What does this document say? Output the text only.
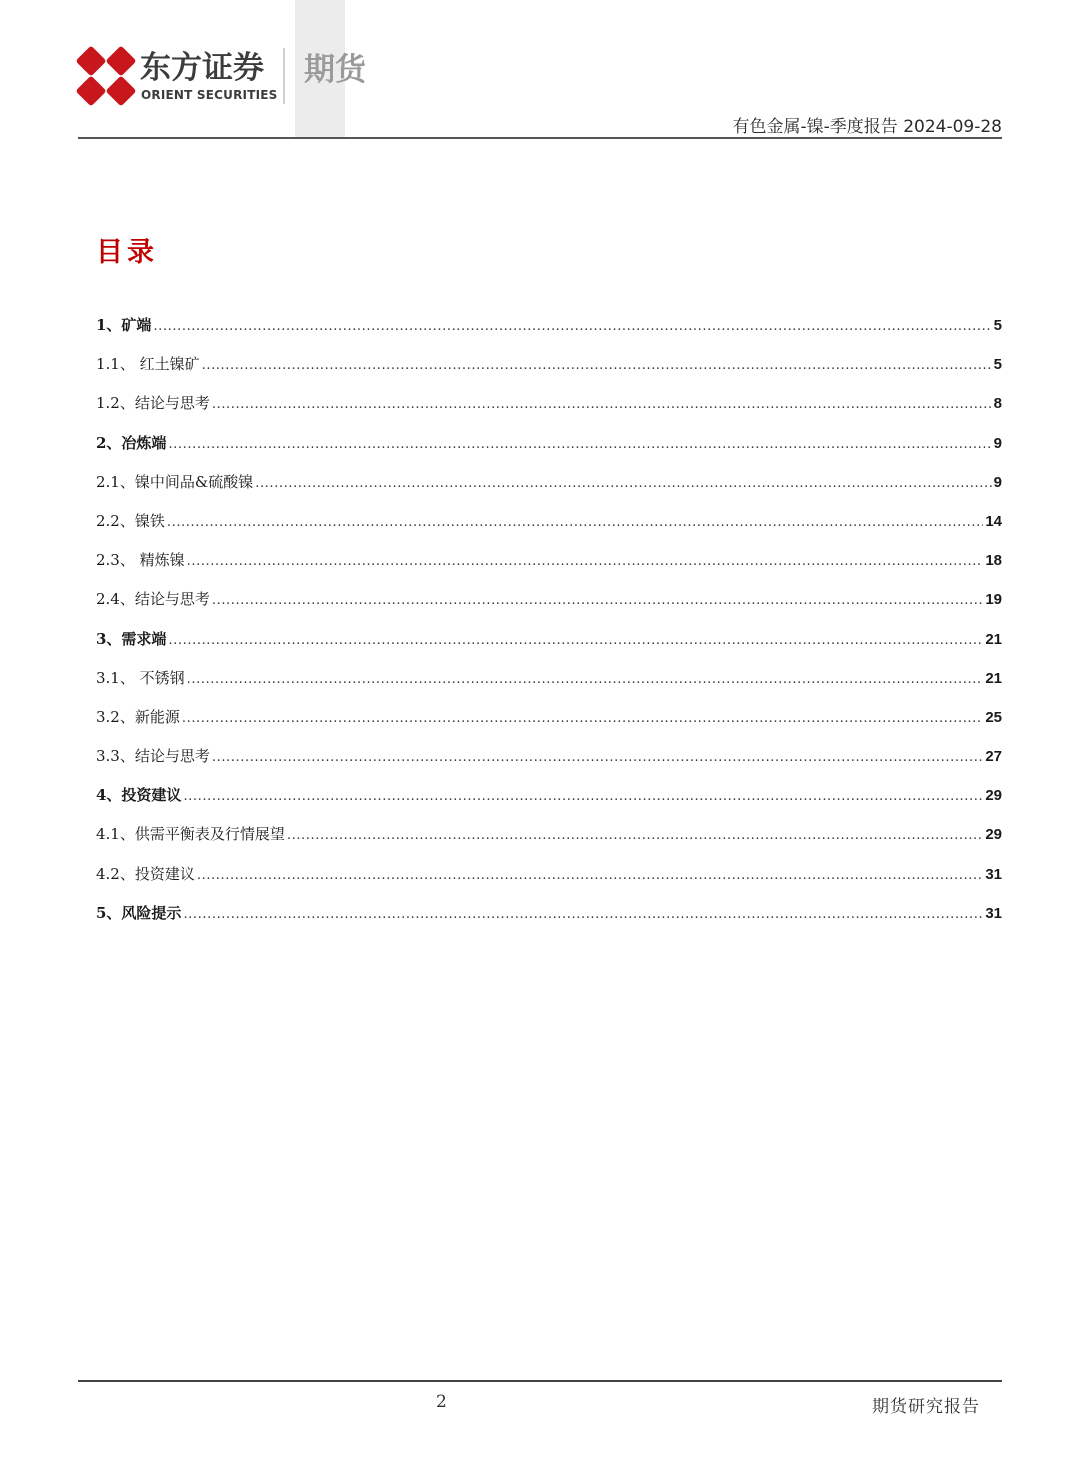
东方证券
ORIENT SECURITIES
期货
有色金属-镍-季度报告 2024-09-28
目录
1、矿端 .....	5
1.1、 红土镍矿 .....	5
1.2、结论与思考 .....	8
2、冶炼端 .....	9
2.1、镍中间品&硫酸镍 .....	9
2.2、镍铁 .....	14
2.3、 精炼镍 .....	18
2.4、结论与思考 .....	19
3、需求端 .....	21
3.1、 不锈钢 .....	21
3.2、新能源 .....	25
3.3、结论与思考 .....	27
4、投资建议 .....	29
4.1、供需平衡表及行情展望 .....	29
4.2、投资建议 .....	31
5、风险提示 .....	31
2	期货研究报告
